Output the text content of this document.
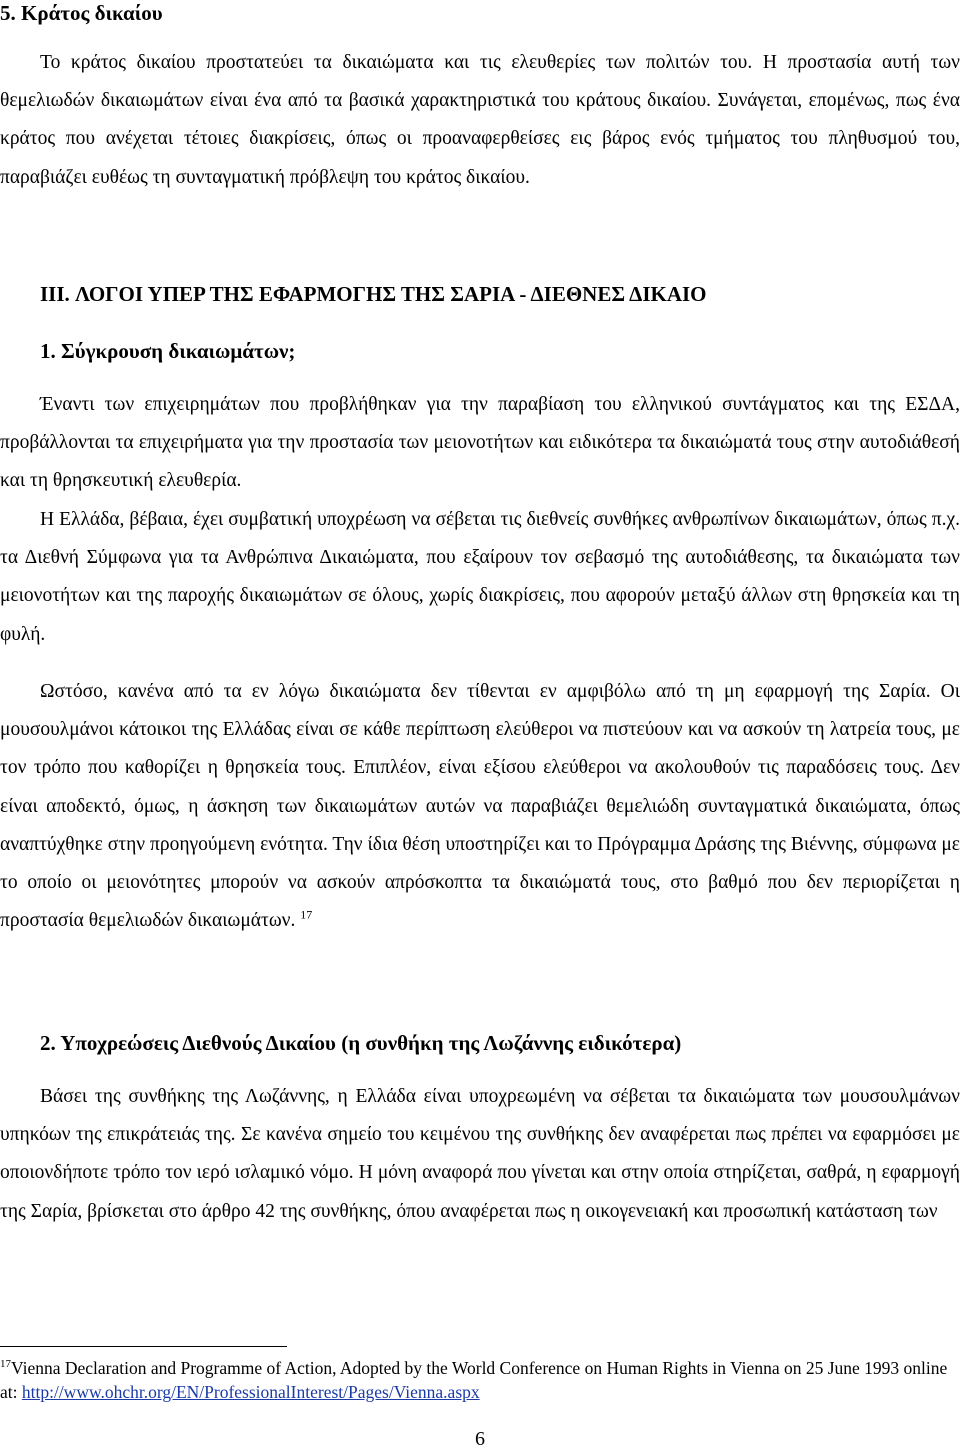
5. Κράτος δικαίου

Το κράτος δικαίου προστατεύει τα δικαιώματα και τις ελευθερίες των πολιτών του. Η προστασία αυτή των θεμελιωδών δικαιωμάτων είναι ένα από τα βασικά χαρακτηριστικά του κράτους δικαίου. Συνάγεται, επομένως, πως ένα κράτος που ανέχεται τέτοιες διακρίσεις, όπως οι προαναφερθείσες εις βάρος ενός τμήματος του πληθυσμού του, παραβιάζει ευθέως τη συνταγματική πρόβλεψη του κράτος δικαίου.

III. ΛΟΓΟΙ ΥΠΕΡ ΤΗΣ ΕΦΑΡΜΟΓΗΣ ΤΗΣ ΣΑΡΙΑ - ΔΙΕΘΝΕΣ ΔΙΚΑΙΟ
1. Σύγκρουση δικαιωμάτων;

Έναντι των επιχειρημάτων που προβλήθηκαν για την παραβίαση του ελληνικού συντάγματος και της ΕΣΔΑ, προβάλλονται τα επιχειρήματα για την προστασία των μειονοτήτων και ειδικότερα τα δικαιώματά τους στην αυτοδιάθεσή και τη θρησκευτική ελευθερία.

Η Ελλάδα, βέβαια, έχει συμβατική υποχρέωση να σέβεται τις διεθνείς συνθήκες ανθρωπίνων δικαιωμάτων, όπως π.χ. τα Διεθνή Σύμφωνα για τα Ανθρώπινα Δικαιώματα, που εξαίρουν τον σεβασμό της αυτοδιάθεσης, τα δικαιώματα των μειονοτήτων και της παροχής δικαιωμάτων σε όλους, χωρίς διακρίσεις, που αφορούν μεταξύ άλλων στη θρησκεία και τη φυλή.

Ωστόσο, κανένα από τα εν λόγω δικαιώματα δεν τίθενται εν αμφιβόλω από τη μη εφαρμογή της Σαρία. Οι μουσουλμάνοι κάτοικοι της Ελλάδας είναι σε κάθε περίπτωση ελεύθεροι να πιστεύουν και να ασκούν τη λατρεία τους, με τον τρόπο που καθορίζει η θρησκεία τους. Επιπλέον, είναι εξίσου ελεύθεροι να ακολουθούν τις παραδόσεις τους. Δεν είναι αποδεκτό, όμως, η άσκηση των δικαιωμάτων αυτών να παραβιάζει θεμελιώδη συνταγματικά δικαιώματα, όπως αναπτύχθηκε στην προηγούμενη ενότητα. Την ίδια θέση υποστηρίζει και το Πρόγραμμα Δράσης της Βιέννης, σύμφωνα με το οποίο οι μειονότητες μπορούν να ασκούν απρόσκοπτα τα δικαιώματά τους, στο βαθμό που δεν περιορίζεται η προστασία θεμελιωδών δικαιωμάτων. $^{17}$

2. Υποχρεώσεις Διεθνούς Δικαίου (η συνθήκη της Λωζάννης ειδικότερα)

Βάσει της συνθήκης της Λωζάννης, η Ελλάδα είναι υποχρεωμένη να σέβεται τα δικαιώματα των μουσουλμάνων υπηκόων της επικράτειάς της. Σε κανένα σημείο του κειμένου της συνθήκης δεν αναφέρεται πως πρέπει να εφαρμόσει με οποιονδήποτε τρόπο τον ιερό ισλαμικό νόμο. Η μόνη αναφορά που γίνεται και στην οποία στηρίζεται, σαθρά, η εφαρμογή της Σαρία, βρίσκεται στο άρθρο 42 της συνθήκης, όπου αναφέρεται πως η οικογενειακή και προσωπική κατάσταση των

$^{17}$Vienna Declaration and Programme of Action, Adopted by the World Conference on Human Rights in Vienna on 25 June 1993 online at: http://www.ohchr.org/EN/ProfessionalInterest/Pages/Vienna.aspx
6
